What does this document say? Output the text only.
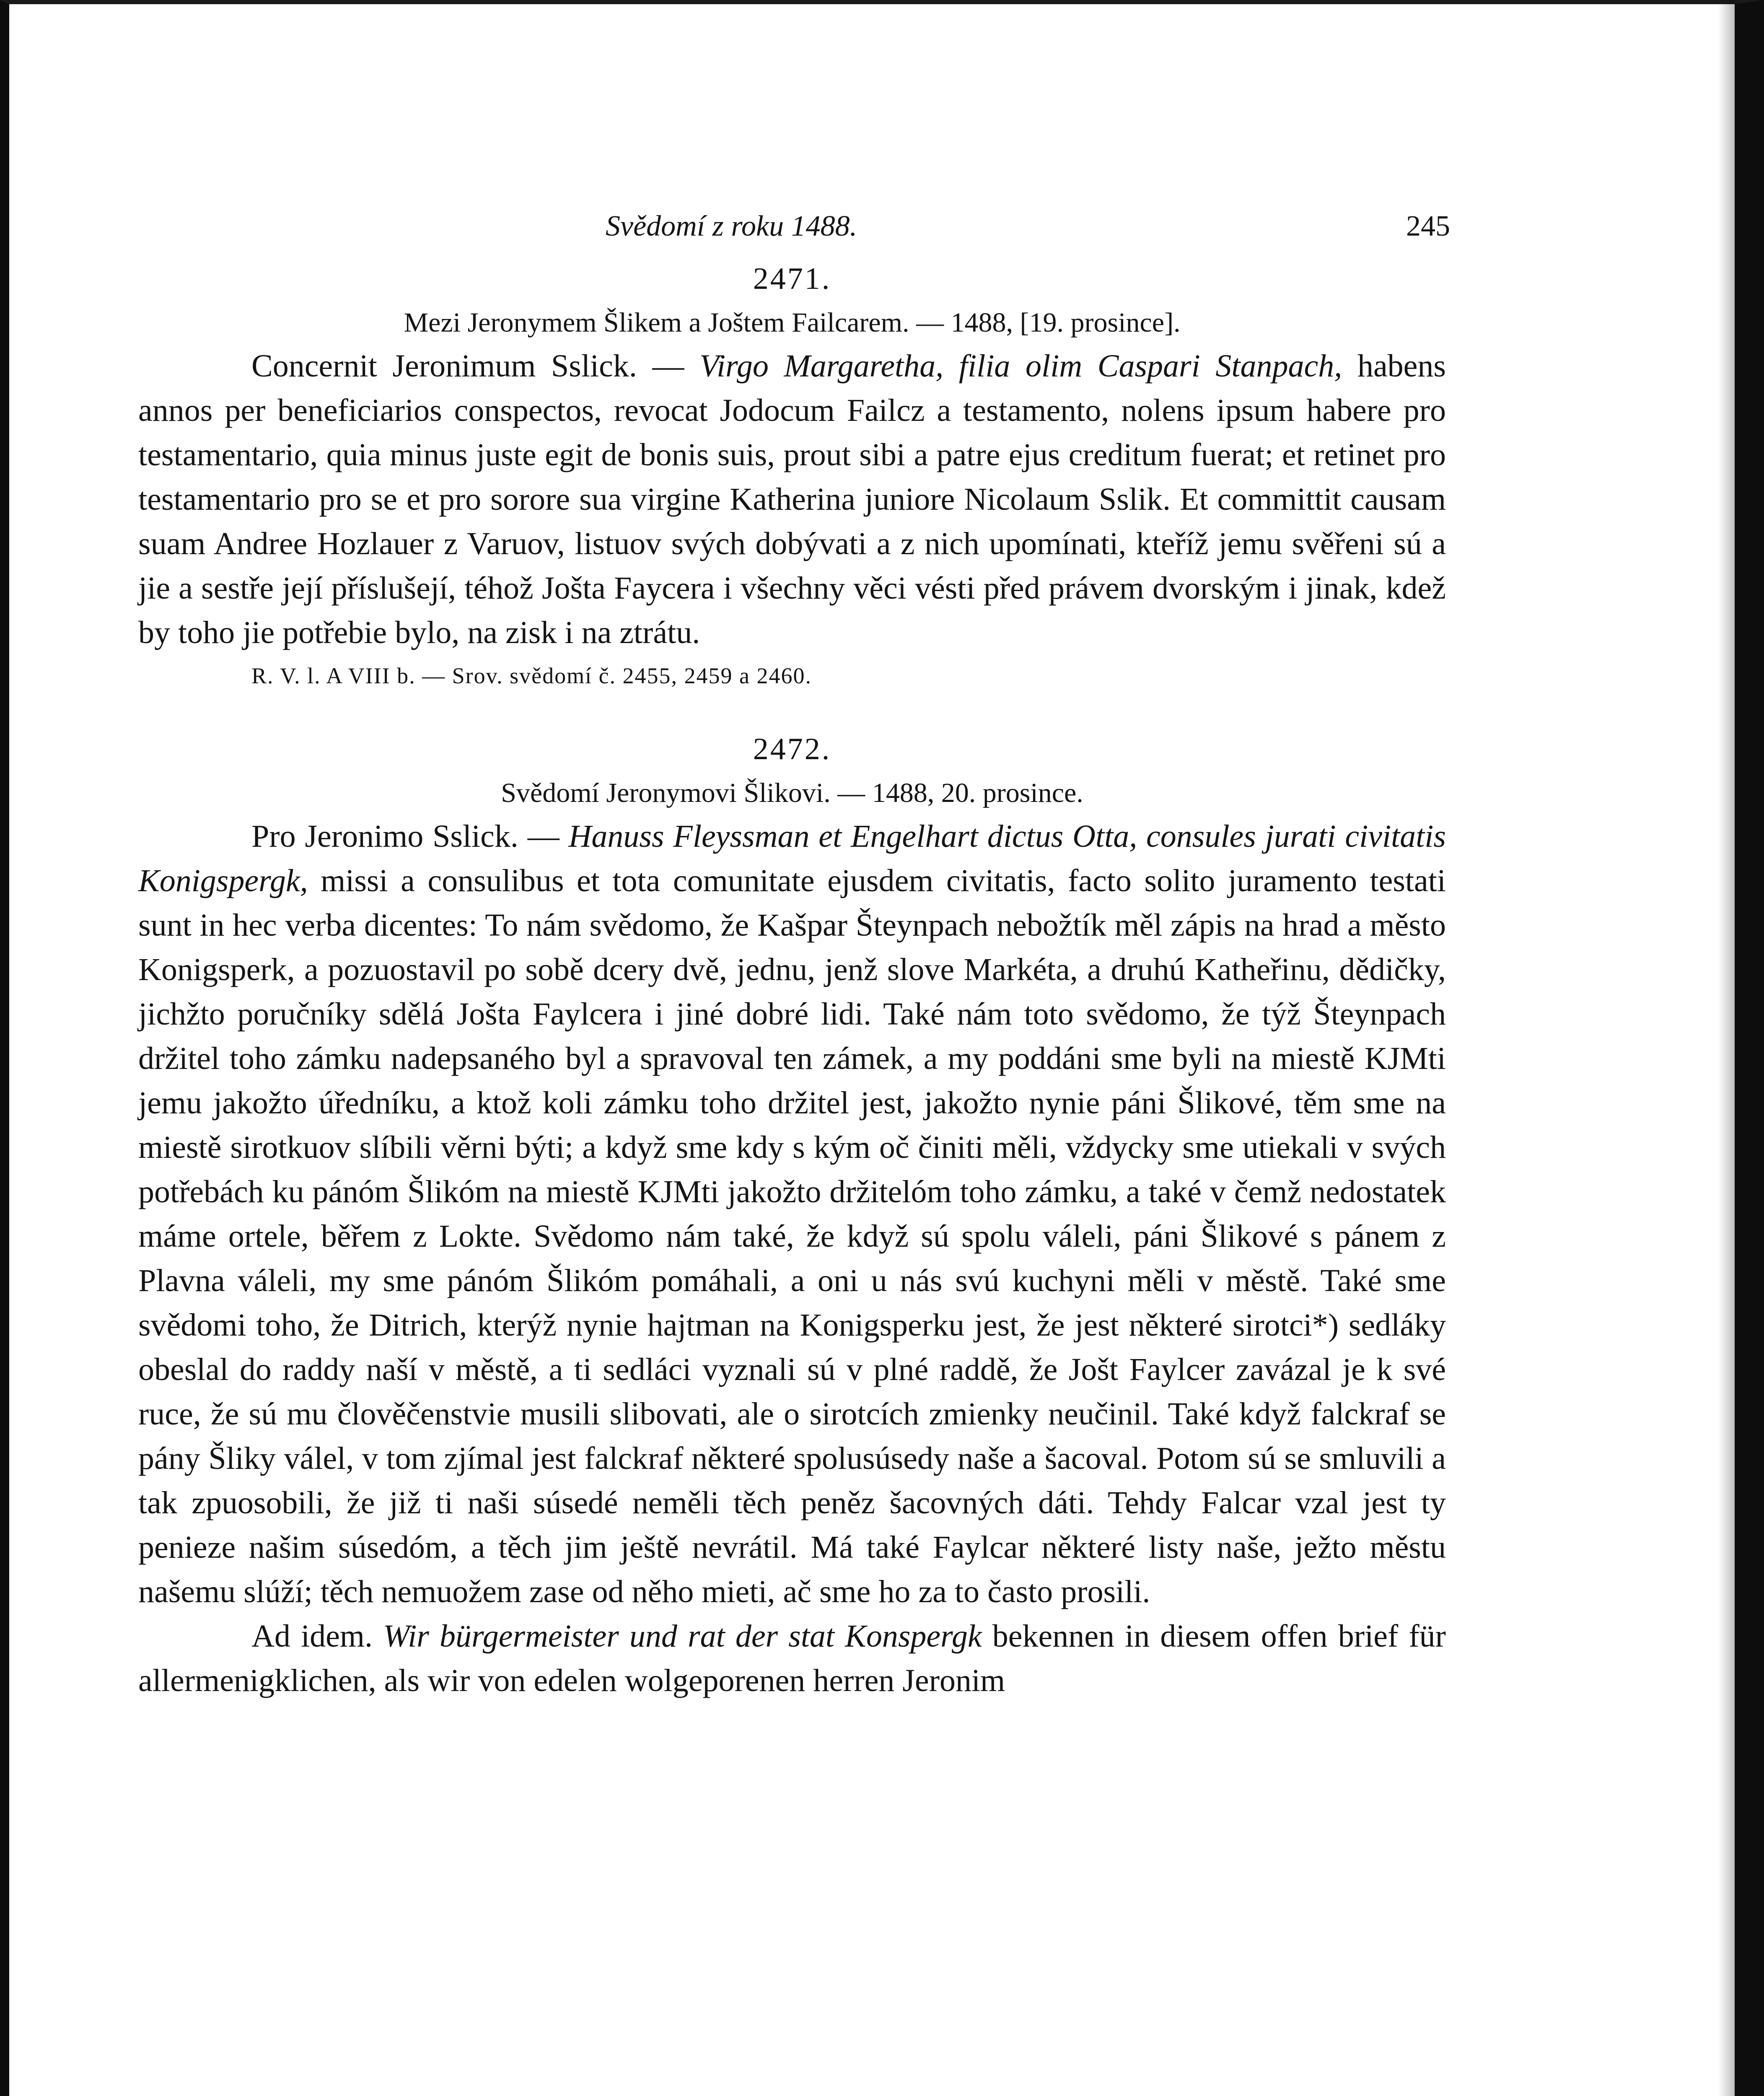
Svědomí z roku 1488.	245
2471.
Mezi Jeronymem Šlikem a Joštem Failcarem. — 1488, [19. prosince].

Concernit Jeronimum Sslick. — Virgo Margaretha, filia olim Caspari Stanpach, habens annos per beneficiarios conspectos, revocat Jodocum Failcz a testamento, nolens ipsum habere pro testamentario, quia minus juste egit de bonis suis, prout sibi a patre ejus creditum fuerat; et retinet pro testamentario pro se et pro sorore sua virgine Katherina juniore Nicolaum Sslik. Et committit causam suam Andree Hozlauer z Varuov, listuov svých dobývati a z nich upomínati, kteříž jemu svěřeni sú a jie a sestře její příslušejí, téhož Jošta Faycera i všechny věci vésti před právem dvorským i jinak, kdež by toho jie potřebie bylo, na zisk i na ztrátu.

R. V. l. A VIII b. — Srov. svědomí č. 2455, 2459 a 2460.
2472.
Svědomí Jeronymovi Šlikovi. — 1488, 20. prosince.

Pro Jeronimo Sslick. — Hanuss Fleyssman et Engelhart dictus Otta, consules jurati civitatis Konigspergk, missi a consulibus et tota comunitate ejusdem civitatis, facto solito juramento testati sunt in hec verba dicentes: To nám svědomo, že Kašpar Šteynpach nebožtík měl zápis na hrad a město Konigsperk, a pozuostavil po sobě dcery dvě, jednu, jenž slove Markéta, a druhú Katheřinu, dědičky, jichžto poručníky sdělá Jošta Faylcera i jiné dobré lidi. Také nám toto svědomo, že týž Šteynpach držitel toho zámku nadepsaného byl a spravoval ten zámek, a my poddáni sme byli na miestě KJMti jemu jakožto úředníku, a ktož koli zámku toho držitel jest, jakožto nynie páni Šlikové, těm sme na miestě sirotkuov slíbili věrni býti; a když sme kdy s kým oč činiti měli, vždycky sme utiekali v svých potřebách ku pánóm Šlikóm na miestě KJMti jakožto držitelóm toho zámku, a také v čemž nedostatek máme ortele, běřem z Lokte. Svědomo nám také, že když sú spolu váleli, páni Šlikové s pánem z Plavna váleli, my sme pánóm Šlikóm pomáhali, a oni u nás svú kuchyni měli v městě. Také sme svědomi toho, že Ditrich, kterýž nynie hajtman na Konigsperku jest, že jest některé sirotci*) sedláky obeslal do raddy naší v městě, a ti sedláci vyznali sú v plné raddě, že Jošt Faylcer zavázal je k své ruce, že sú mu člověčenstvie musili slibovati, ale o sirotcích zmienky neučinil. Také když falckraf se pány Šliky válel, v tom zjímal jest falckraf některé spolusúsedy naše a šacoval. Potom sú se smluvili a tak zpuosobili, že již ti naši súsedé neměli těch peněz šacovných dáti. Tehdy Falcar vzal jest ty penieze našim súsedóm, a těch jim ještě nevrátil. Má také Faylcar některé listy naše, ježto městu našemu slúží; těch nemuožem zase od něho mieti, ač sme ho za to často prosili.

Ad idem. Wir bürgermeister und rat der stat Konspergk bekennen in diesem offen brief für allermenigklichen, als wir von edelen wolgeporenen herren Jeronim
